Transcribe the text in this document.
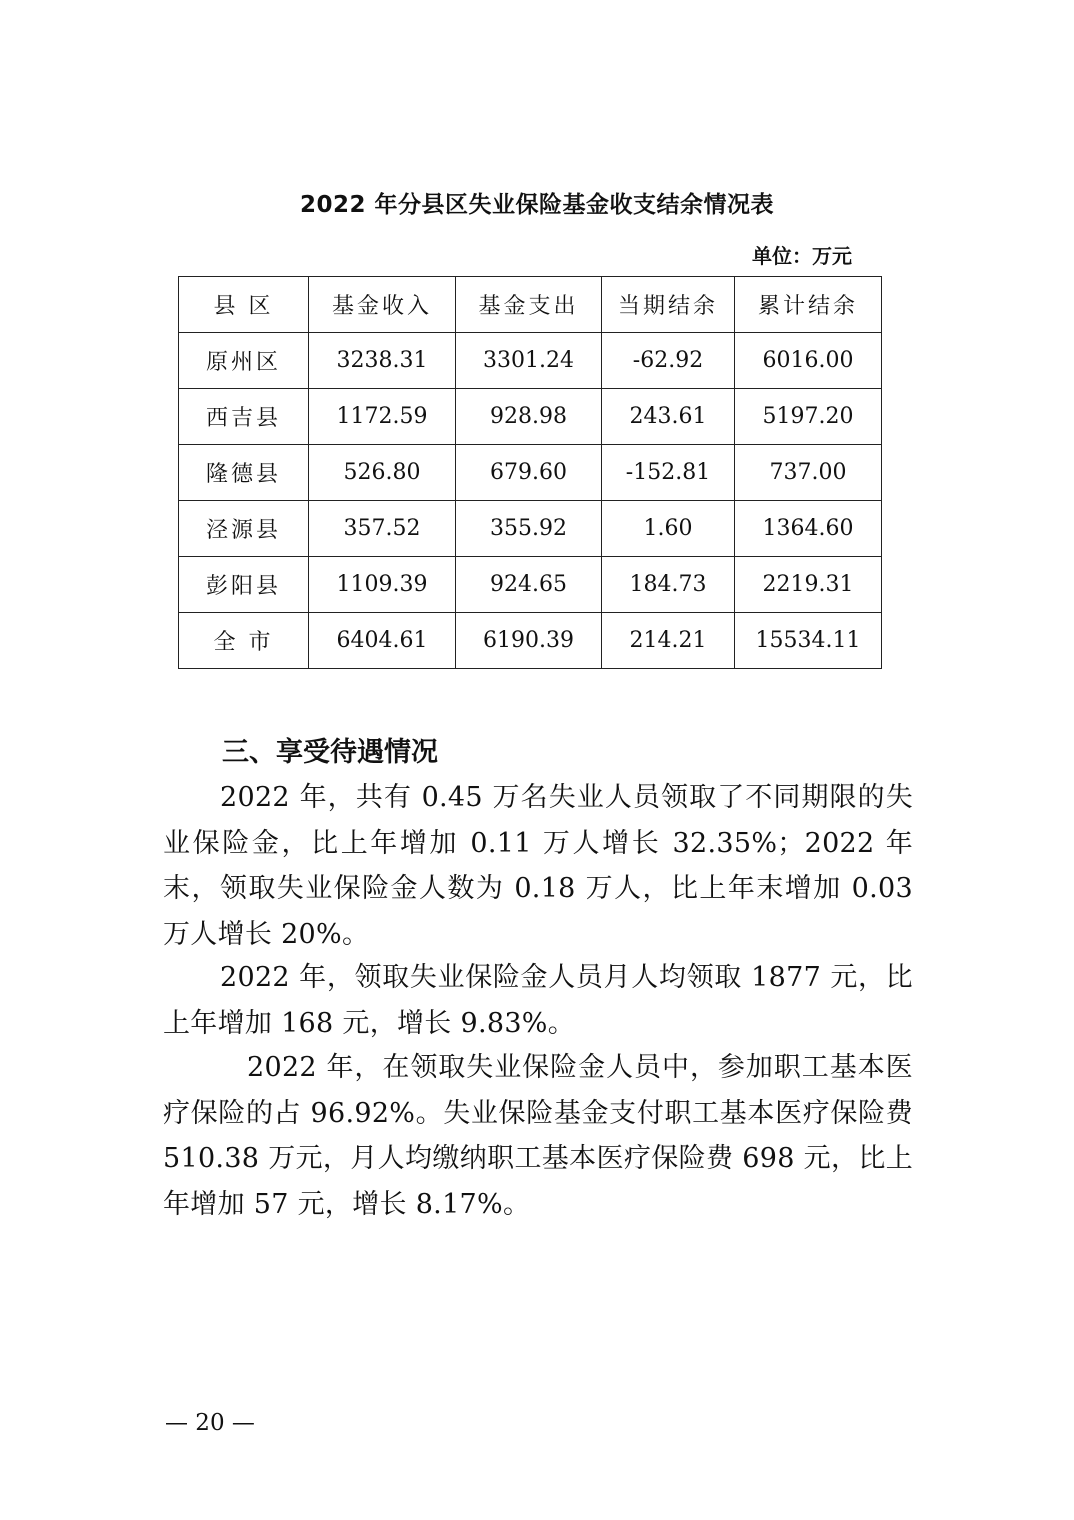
2022 年分县区失业保险基金收支结余情况表
单位：万元
县 区	基金收入	基金支出	当期结余	累计结余
原州区	3238.31	3301.24	-62.92	6016.00
西吉县	1172.59	928.98	243.61	5197.20
隆德县	526.80	679.60	-152.81	737.00
泾源县	357.52	355.92	1.60	1364.60
彭阳县	1109.39	924.65	184.73	2219.31
全 市	6404.61	6190.39	214.21	15534.11
三、享受待遇情况

2022 年，共有 0.45 万名失业人员领取了不同期限的失业保险金，比上年增加 0.11 万人增长 32.35%；2022 年末，领取失业保险金人数为 0.18 万人，比上年末增加 0.03 万人增长 20%。

2022 年，领取失业保险金人员月人均领取 1877 元，比上年增加 168 元，增长 9.83%。

2022 年，在领取失业保险金人员中，参加职工基本医疗保险的占 96.92%。失业保险基金支付职工基本医疗保险费 510.38 万元，月人均缴纳职工基本医疗保险费 698 元，比上年增加 57 元，增长 8.17%。

— 20 —
